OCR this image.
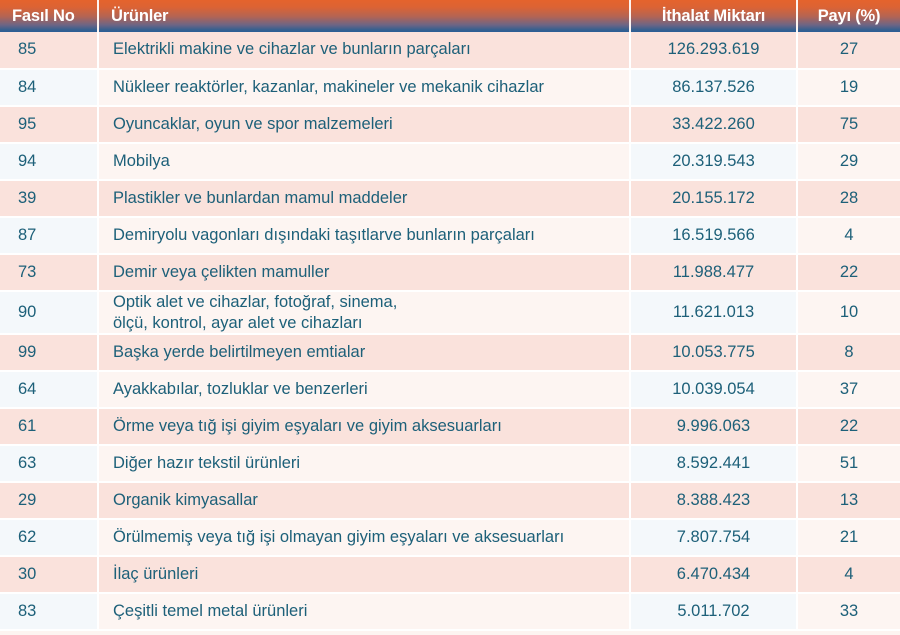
Fasıl No	Ürünler	İthalat Miktarı	Payı (%)
85	Elektrikli makine ve cihazlar ve bunların parçaları	126.293.619	27
84	Nükleer reaktörler, kazanlar, makineler ve mekanik cihazlar	86.137.526	19
95	Oyuncaklar, oyun ve spor malzemeleri	33.422.260	75
94	Mobilya	20.319.543	29
39	Plastikler ve bunlardan mamul maddeler	20.155.172	28
87	Demiryolu vagonları dışındaki taşıtlarve bunların parçaları	16.519.566	4
73	Demir veya çelikten mamuller	11.988.477	22
90	Optik alet ve cihazlar, fotoğraf, sinema,
ölçü, kontrol, ayar alet ve cihazları	11.621.013	10
99	Başka yerde belirtilmeyen emtialar	10.053.775	8
64	Ayakkabılar, tozluklar ve benzerleri	10.039.054	37
61	Örme veya tığ işi giyim eşyaları ve giyim aksesuarları	9.996.063	22
63	Diğer hazır tekstil ürünleri	8.592.441	51
29	Organik kimyasallar	8.388.423	13
62	Örülmemiş veya tığ işi olmayan giyim eşyaları ve aksesuarları	7.807.754	21
30	İlaç ürünleri	6.470.434	4
83	Çeşitli temel metal ürünleri	5.011.702	33
